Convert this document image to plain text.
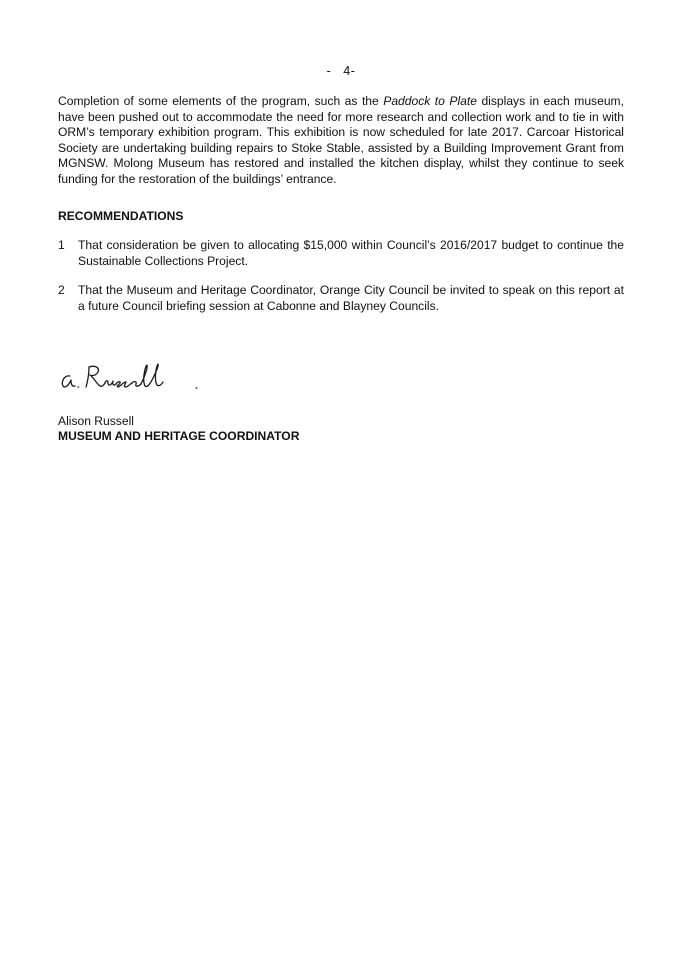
- 4-
Completion of some elements of the program, such as the Paddock to Plate displays in each museum, have been pushed out to accommodate the need for more research and collection work and to tie in with ORM’s temporary exhibition program. This exhibition is now scheduled for late 2017. Carcoar Historical Society are undertaking building repairs to Stoke Stable, assisted by a Building Improvement Grant from MGNSW. Molong Museum has restored and installed the kitchen display, whilst they continue to seek funding for the restoration of the buildings’ entrance.
RECOMMENDATIONS
1 That consideration be given to allocating $15,000 within Council’s 2016/2017 budget to continue the Sustainable Collections Project.
2 That the Museum and Heritage Coordinator, Orange City Council be invited to speak on this report at a future Council briefing session at Cabonne and Blayney Councils.
Alison Russell
MUSEUM AND HERITAGE COORDINATOR
